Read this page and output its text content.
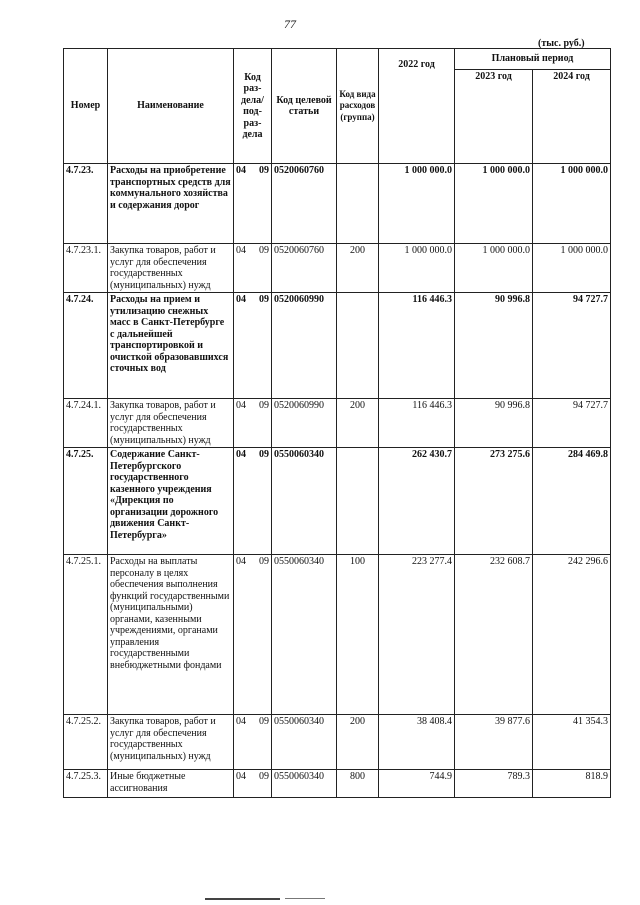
77
(тыс. руб.)
Номер	Наименование	Код раз-дела/ под-раз-дела	Код целевой статьи	Код вида расходов (группа)	2022 год	Плановый период	
						2023 год	2024 год
4.7.23.	Расходы на приобретение транспортных средств для коммунального хозяйства и содержания дорог	04 09	0520060760		1 000 000.0	1 000 000.0	1 000 000.0
4.7.23.1.	Закупка товаров, работ и услуг для обеспечения государственных (муниципальных) нужд	04 09	0520060760	200	1 000 000.0	1 000 000.0	1 000 000.0
4.7.24.	Расходы на прием и утилизацию снежных масс в Санкт-Петербурге с дальнейшей транспортировкой и очисткой образовавшихся сточных вод	04 09	0520060990		116 446.3	90 996.8	94 727.7
4.7.24.1.	Закупка товаров, работ и услуг для обеспечения государственных (муниципальных) нужд	04 09	0520060990	200	116 446.3	90 996.8	94 727.7
4.7.25.	Содержание Санкт-Петербургского государственного казенного учреждения «Дирекция по организации дорожного движения Санкт-Петербурга»	04 09	0550060340		262 430.7	273 275.6	284 469.8
4.7.25.1.	Расходы на выплаты персоналу в целях обеспечения выполнения функций государственными (муниципальными) органами, казенными учреждениями, органами управления государственными внебюджетными фондами	04 09	0550060340	100	223 277.4	232 608.7	242 296.6
4.7.25.2.	Закупка товаров, работ и услуг для обеспечения государственных (муниципальных) нужд	04 09	0550060340	200	38 408.4	39 877.6	41 354.3
4.7.25.3.	Иные бюджетные ассигнования	04 09	0550060340	800	744.9	789.3	818.9
